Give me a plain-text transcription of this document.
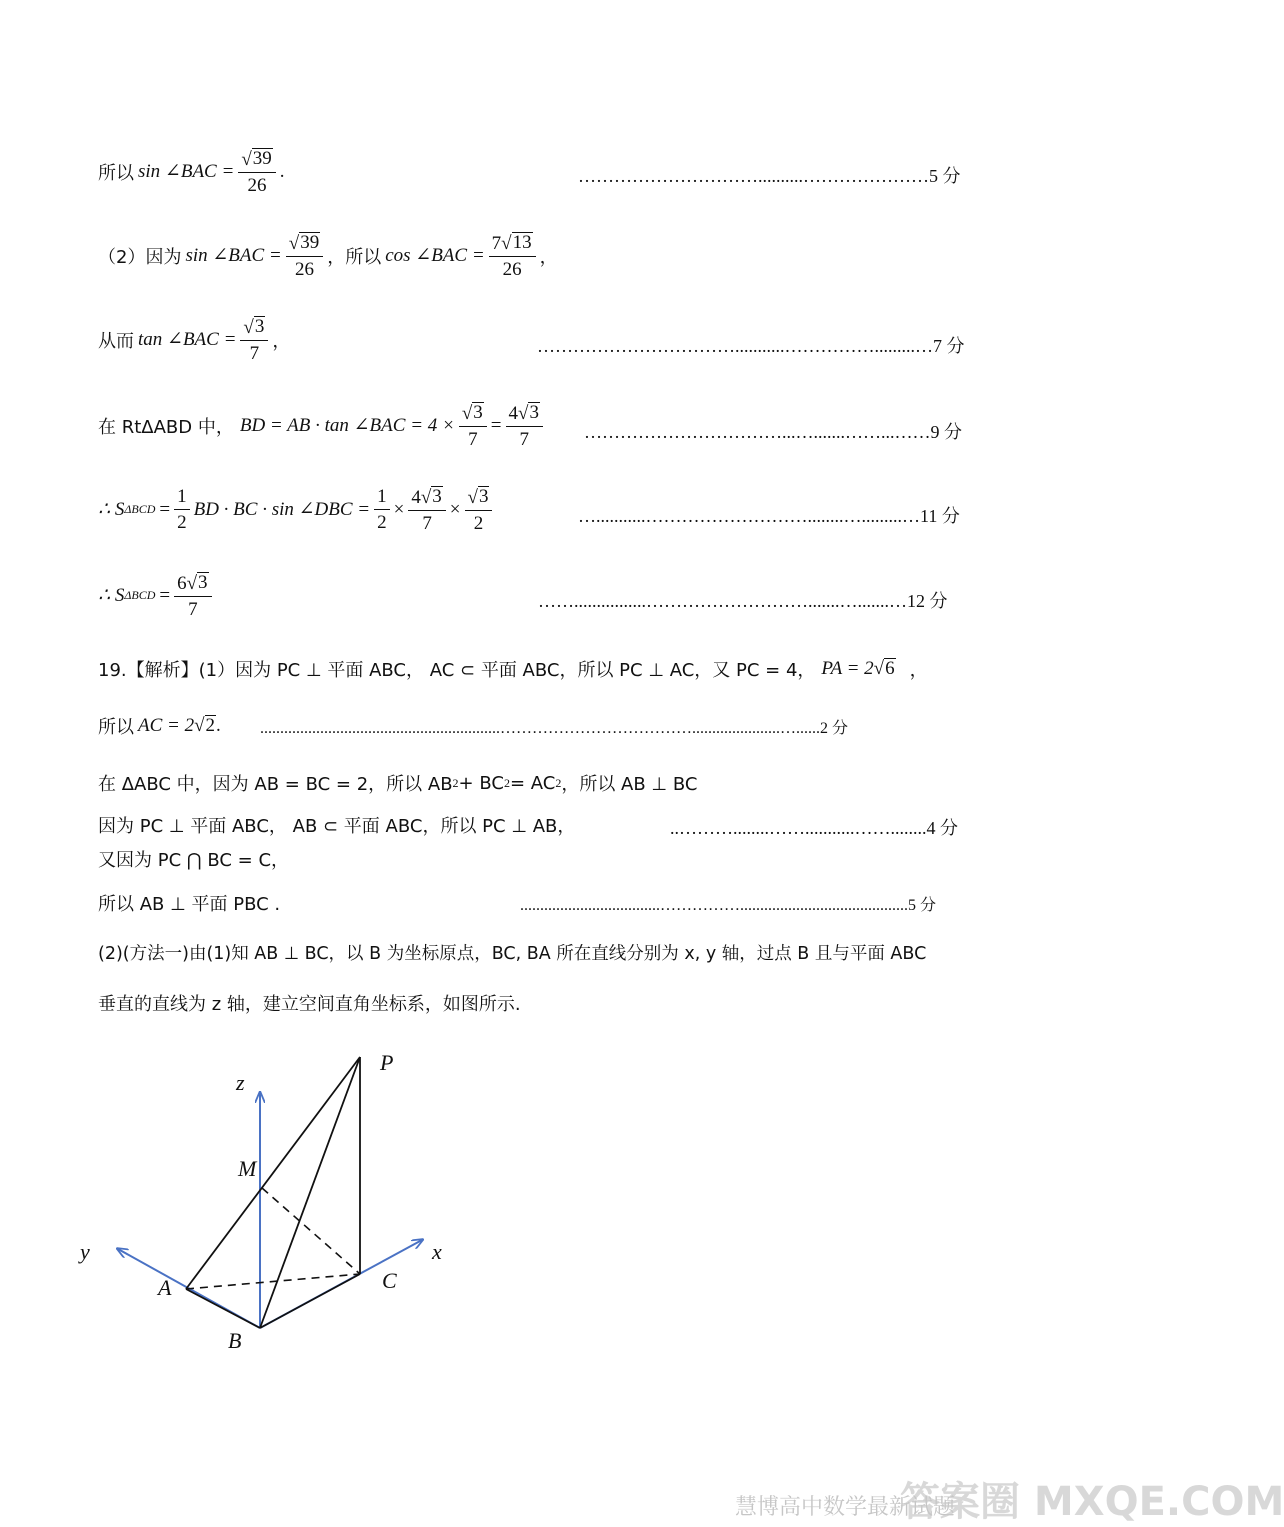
所以 sin ∠BAC = $\frac{√ 39}{26}$ .	…………………………..........…………………5 分
（2）因为 sin ∠BAC = $\frac{√ 39}{26}$ ，所以 cos ∠BAC = $\frac{7 √ 13}{26}$ ，
从而 tan ∠BAC = $\frac{√ 3}{7}$ ，	……………………………...........…………….........…7 分
在 RtΔABD 中， BD = AB · tan ∠BAC = $4 \times \frac{√ 3}{7} = \frac{4 √ 3}{7}$ ……………………………...….......……...……9 分
∴ S $\Delta BCD = \frac{1}{2}$ BD · BC · sin ∠DBC = $\frac{1}{2} \times \frac{4 √ 3}{7} \times \frac{√ 3}{2}$	…...........………………………........….........…11 分
∴ S $\Delta BCD = \frac{6 √ 3}{7}$	……................……………………….......….......…12 分
19.【解析】(1）因为 PC ⊥ 平面 ABC， AC ⊂ 平面 ABC，所以 PC ⊥ AC，又 PC = 4， PA = 2 √ 6 ，
所以 AC = 2 √ 2 . ............................................................………………………………......................…......2 分
在 ΔABC 中，因为 AB = BC = 2，所以 AB 2 + BC 2 = AC 2 ，所以 AB ⊥ BC
因为 PC ⊥ 平面 ABC， AB ⊂ 平面 ABC，所以 PC ⊥ AB，	..………........……...........……........4 分
又因为 PC ⋂ BC = C，
所以 AB ⊥ 平面 PBC .	...................................……………..........................................5 分
(2)(方法一)由(1)知 AB ⊥ BC，以 B 为坐标原点，BC, BA 所在直线分别为 x, y 轴，过点 B 且与平面 ABC
垂直的直线为 z 轴，建立空间直角坐标系，如图所示.
P
z
M
y	x
A	C
B
慧博高中数学最新试题
答案圈 MXQE.COM
